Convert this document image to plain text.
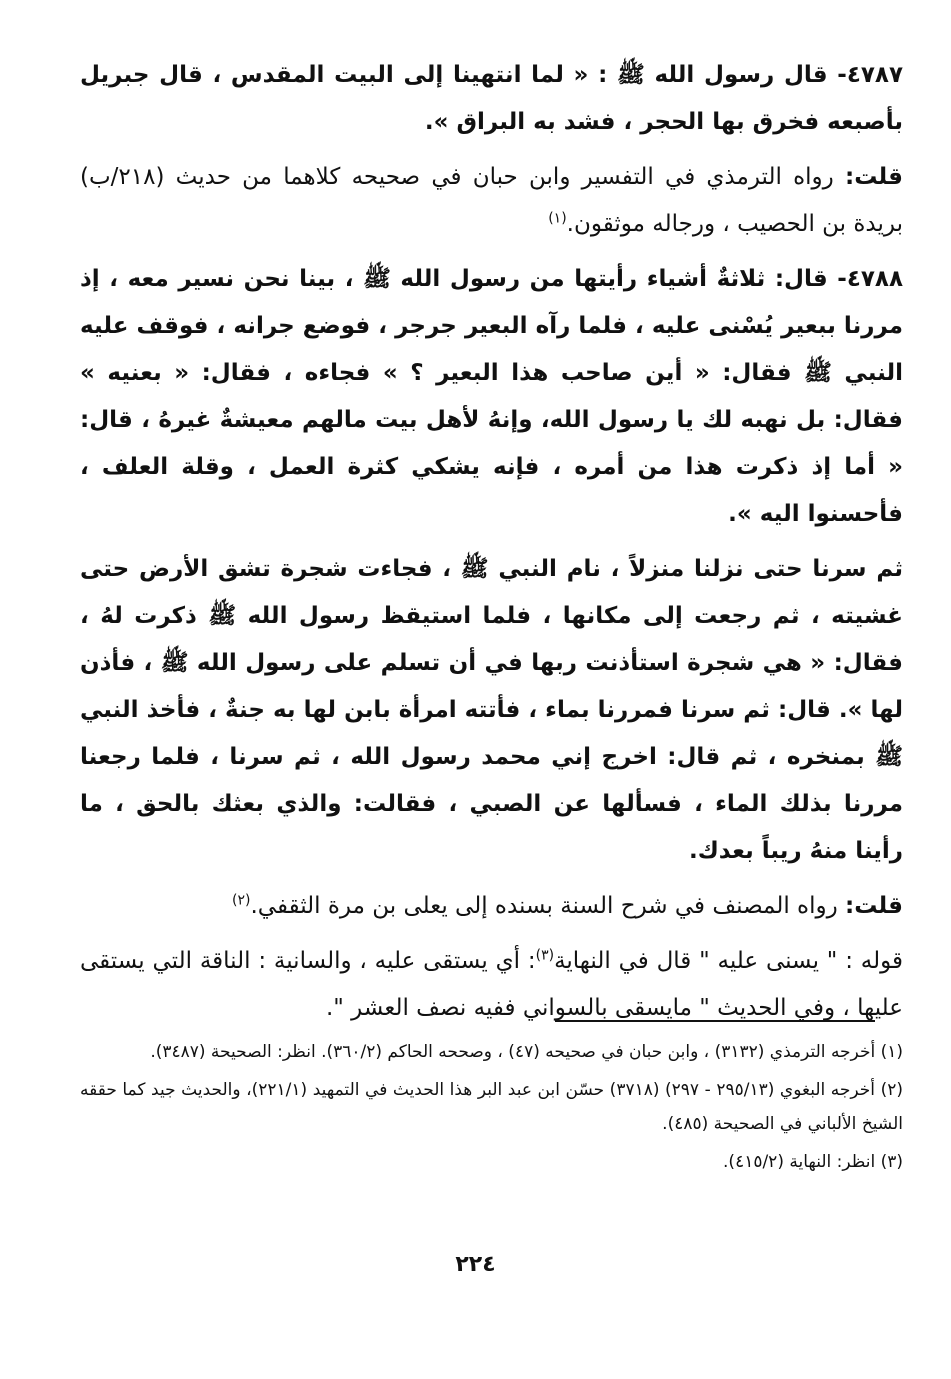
٤٧٨٧- قال رسول الله ﷺ : « لما انتهينا إلى البيت المقدس ، قال جبريل بأصبعه فخرق بها الحجر ، فشد به البراق ».

قلت: رواه الترمذي في التفسير وابن حبان في صحيحه كلاهما من حديث (٢١٨/ب) بريدة بن الحصيب ، ورجاله موثقون.$^{(١)}$

٤٧٨٨- قال: ثلاثةٌ أشياء رأيتها من رسول الله ﷺ ، بينا نحن نسير معه ، إذ مررنا ببعير يُسْنى عليه ، فلما رآه البعير جرجر ، فوضع جرانه ، فوقف عليه النبي ﷺ فقال: « أين صاحب هذا البعير ؟ » فجاءه ، فقال: « بعنيه » فقال: بل نهبه لك يا رسول الله، وإنهُ لأهل بيت مالهم معيشةٌ غيرهُ ، قال: « أما إذ ذكرت هذا من أمره ، فإنه يشكي كثرة العمل ، وقلة العلف ، فأحسنوا اليه ».

ثم سرنا حتى نزلنا منزلاً ، نام النبي ﷺ ، فجاءت شجرة تشق الأرض حتى غشيته ، ثم رجعت إلى مكانها ، فلما استيقظ رسول الله ﷺ ذكرت لهُ ، فقال: « هي شجرة استأذنت ربها في أن تسلم على رسول الله ﷺ ، فأذن لها ». قال: ثم سرنا فمررنا بماء ، فأتته امرأة بابن لها به جنةٌ ، فأخذ النبي ﷺ بمنخره ، ثم قال: اخرج إني محمد رسول الله ، ثم سرنا ، فلما رجعنا مررنا بذلك الماء ، فسألها عن الصبي ، فقالت: والذي بعثك بالحق ، ما رأينا منهُ ريباً بعدك.

قلت: رواه المصنف في شرح السنة بسنده إلى يعلى بن مرة الثقفي.$^{(٢)}$

قوله : " يسنى عليه " قال في النهاية$^{(٣)}$: أي يستقى عليه ، والسانية : الناقة التي يستقى عليها ، وفي الحديث " مايسقى بالسواني ففيه نصف العشر ".

(١) أخرجه الترمذي (٣١٣٢) ، وابن حبان في صحيحه (٤٧) ، وصححه الحاكم (٣٦٠/٢). انظر: الصحيحة (٣٤٨٧).

(٢) أخرجه البغوي (٢٩٥/١٣ - ٢٩٧) (٣٧١٨) حسّن ابن عبد البر هذا الحديث في التمهيد (٢٢١/١)، والحديث جيد كما حققه الشيخ الألباني في الصحيحة (٤٨٥).

(٣) انظر: النهاية (٤١٥/٢).

٢٢٤
